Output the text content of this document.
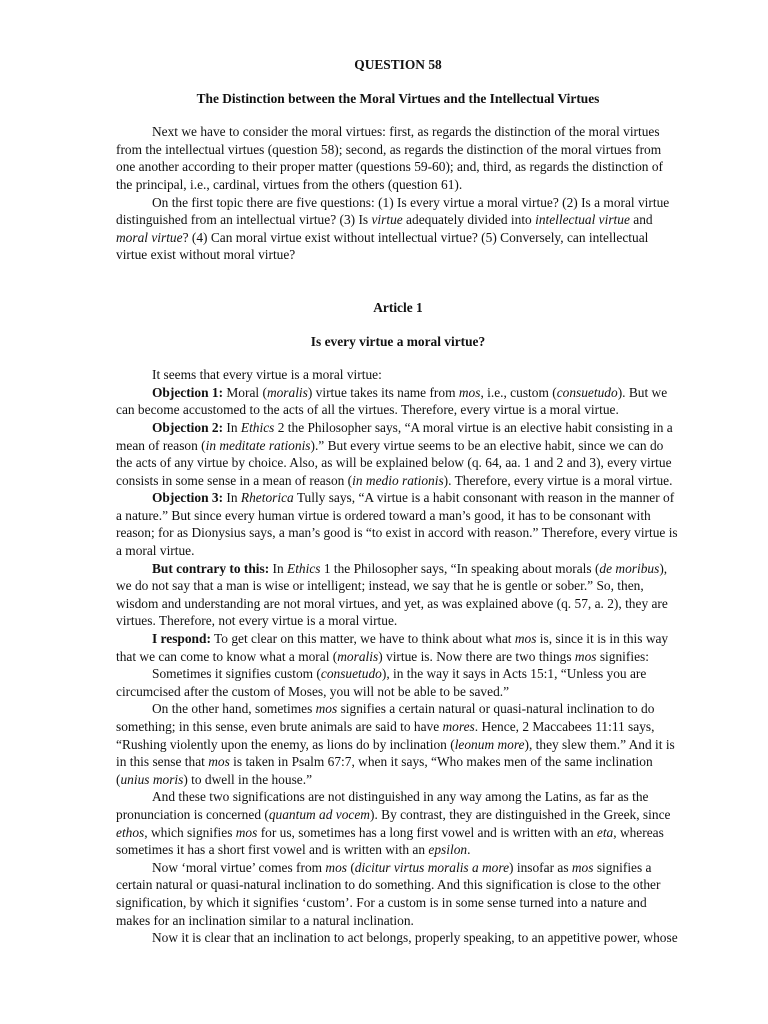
QUESTION 58
The Distinction between the Moral Virtues and the Intellectual Virtues

Next we have to consider the moral virtues: first, as regards the distinction of the moral virtues from the intellectual virtues (question 58); second, as regards the distinction of the moral virtues from one another according to their proper matter (questions 59-60); and, third, as regards the distinction of the principal, i.e., cardinal, virtues from the others (question 61).

On the first topic there are five questions: (1) Is every virtue a moral virtue? (2) Is a moral virtue distinguished from an intellectual virtue? (3) Is virtue adequately divided into intellectual virtue and moral virtue? (4) Can moral virtue exist without intellectual virtue? (5) Conversely, can intellectual virtue exist without moral virtue?

Article 1
Is every virtue a moral virtue?

It seems that every virtue is a moral virtue:

Objection 1: Moral (moralis) virtue takes its name from mos, i.e., custom (consuetudo). But we can become accustomed to the acts of all the virtues. Therefore, every virtue is a moral virtue.

Objection 2: In Ethics 2 the Philosopher says, “A moral virtue is an elective habit consisting in a mean of reason (in meditate rationis).” But every virtue seems to be an elective habit, since we can do the acts of any virtue by choice. Also, as will be explained below (q. 64, aa. 1 and 2 and 3), every virtue consists in some sense in a mean of reason (in medio rationis). Therefore, every virtue is a moral virtue.

Objection 3: In Rhetorica Tully says, “A virtue is a habit consonant with reason in the manner of a nature.” But since every human virtue is ordered toward a man’s good, it has to be consonant with reason; for as Dionysius says, a man’s good is “to exist in accord with reason.” Therefore, every virtue is a moral virtue.

But contrary to this: In Ethics 1 the Philosopher says, “In speaking about morals (de moribus), we do not say that a man is wise or intelligent; instead, we say that he is gentle or sober.” So, then, wisdom and understanding are not moral virtues, and yet, as was explained above (q. 57, a. 2), they are virtues. Therefore, not every virtue is a moral virtue.

I respond: To get clear on this matter, we have to think about what mos is, since it is in this way that we can come to know what a moral (moralis) virtue is. Now there are two things mos signifies:

Sometimes it signifies custom (consuetudo), in the way it says in Acts 15:1, “Unless you are circumcised after the custom of Moses, you will not be able to be saved.”

On the other hand, sometimes mos signifies a certain natural or quasi-natural inclination to do something; in this sense, even brute animals are said to have mores. Hence, 2 Maccabees 11:11 says, “Rushing violently upon the enemy, as lions do by inclination (leonum more), they slew them.” And it is in this sense that mos is taken in Psalm 67:7, when it says, “Who makes men of the same inclination (unius moris) to dwell in the house.”

And these two significations are not distinguished in any way among the Latins, as far as the pronunciation is concerned (quantum ad vocem). By contrast, they are distinguished in the Greek, since ethos, which signifies mos for us, sometimes has a long first vowel and is written with an eta, whereas sometimes it has a short first vowel and is written with an epsilon.

Now ‘moral virtue’ comes from mos (dicitur virtus moralis a more) insofar as mos signifies a certain natural or quasi-natural inclination to do something. And this signification is close to the other signification, by which it signifies ‘custom’. For a custom is in some sense turned into a nature and makes for an inclination similar to a natural inclination.

Now it is clear that an inclination to act belongs, properly speaking, to an appetitive power, whose
